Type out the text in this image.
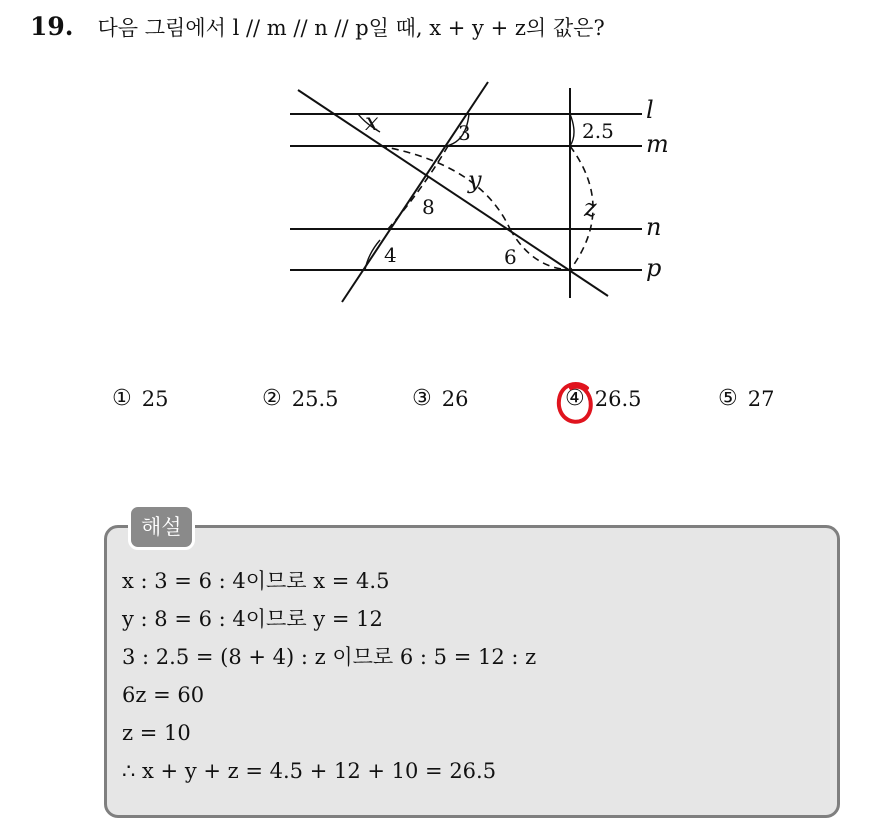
19. 다음 그림에서 l // m // n // p일 때, x + y + z의 값은?
l
m
n
p
x
y
z
3	2.5
8
4	6
① 25	② 25.5	③ 26	④ 26.5	⑤ 27
해설
x : 3 = 6 : 4이므로 x = 4.5
y : 8 = 6 : 4이므로 y = 12
3 : 2.5 = (8 + 4) : z 이므로 6 : 5 = 12 : z
6z = 60
z = 10
∴ x + y + z = 4.5 + 12 + 10 = 26.5
